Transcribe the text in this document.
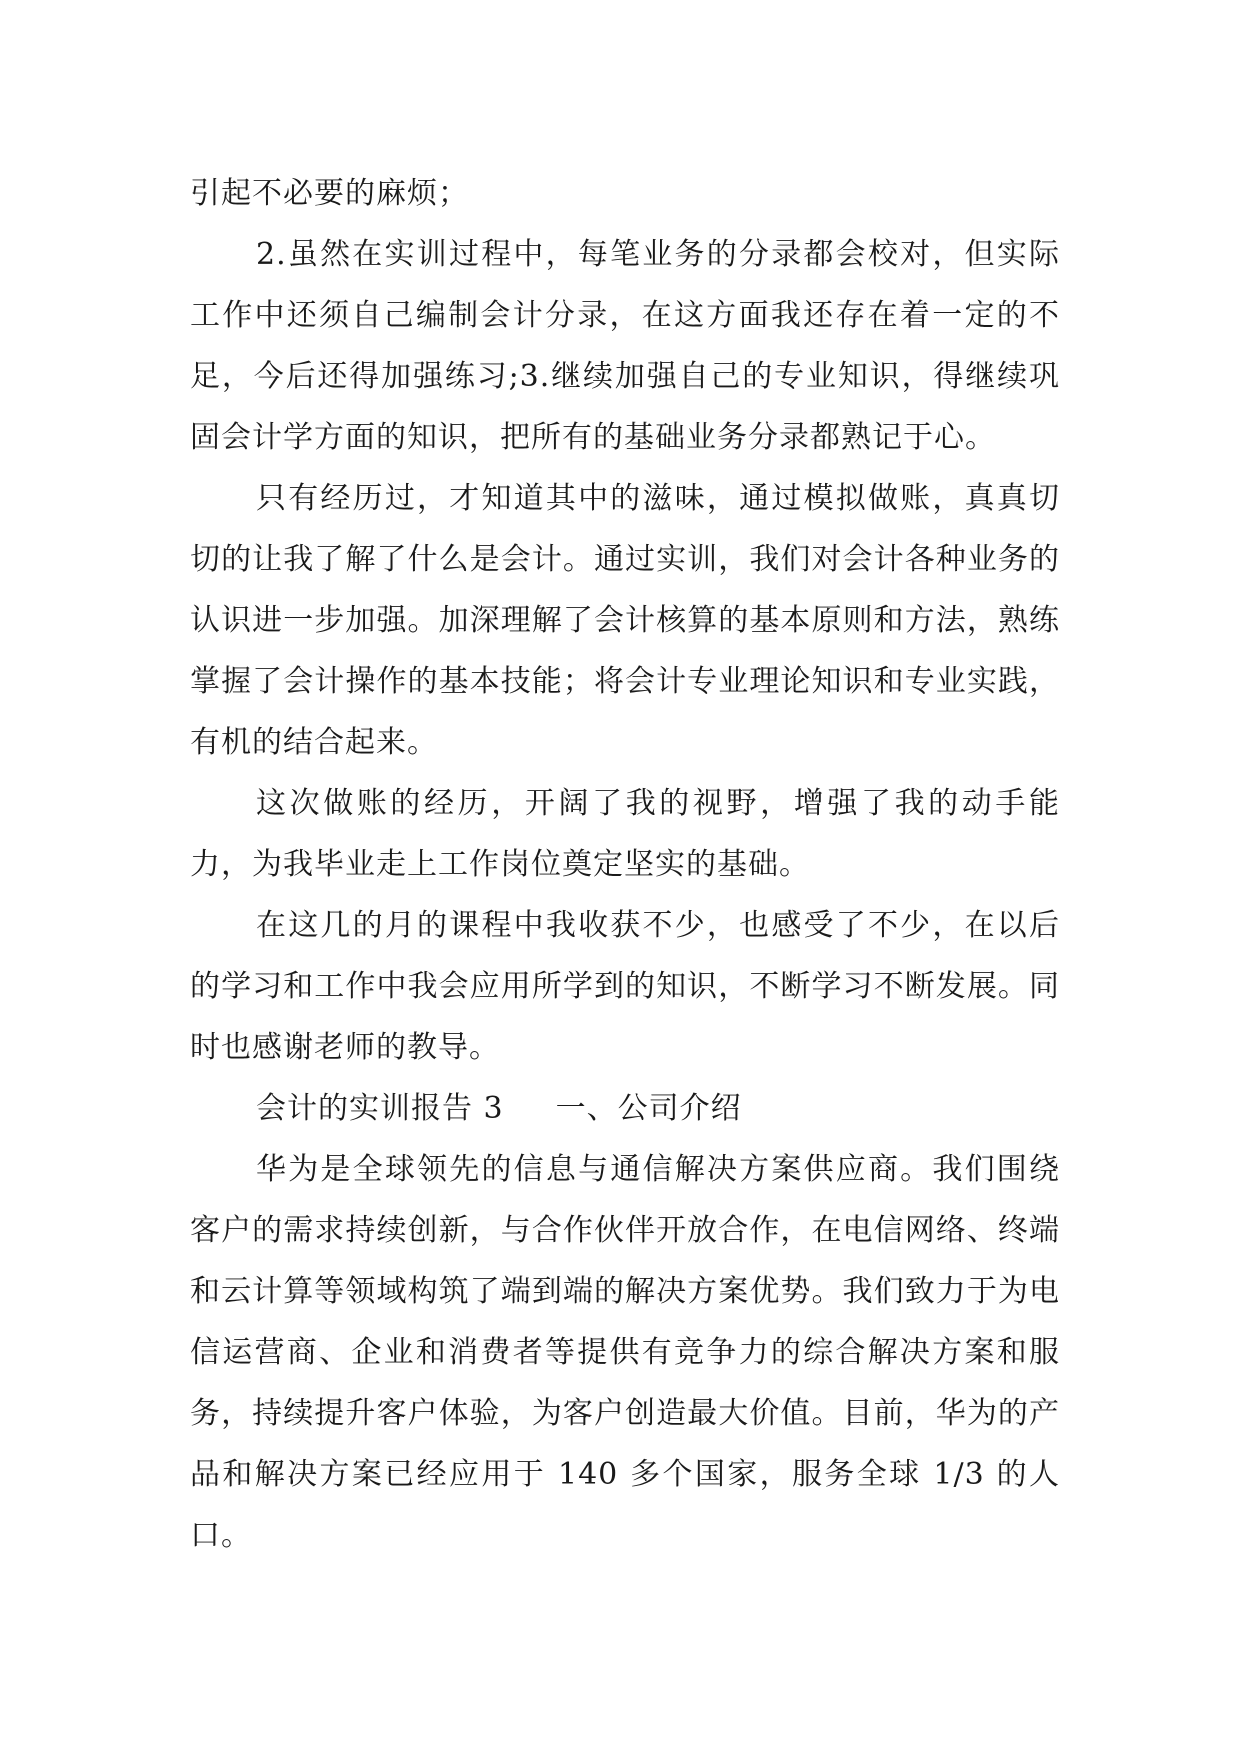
引起不必要的麻烦；

2.虽然在实训过程中，每笔业务的分录都会校对，但实际工作中还须自己编制会计分录，在这方面我还存在着一定的不足，今后还得加强练习;3.继续加强自己的专业知识，得继续巩固会计学方面的知识，把所有的基础业务分录都熟记于心。

只有经历过，才知道其中的滋味，通过模拟做账，真真切切的让我了解了什么是会计。通过实训，我们对会计各种业务的认识进一步加强。加深理解了会计核算的基本原则和方法，熟练掌握了会计操作的基本技能；将会计专业理论知识和专业实践，有机的结合起来。

这次做账的经历，开阔了我的视野，增强了我的动手能力，为我毕业走上工作岗位奠定坚实的基础。

在这几的月的课程中我收获不少，也感受了不少，在以后的学习和工作中我会应用所学到的知识，不断学习不断发展。同时也感谢老师的教导。

会计的实训报告 3 一、公司介绍

华为是全球领先的信息与通信解决方案供应商。我们围绕客户的需求持续创新，与合作伙伴开放合作，在电信网络、终端和云计算等领域构筑了端到端的解决方案优势。我们致力于为电信运营商、企业和消费者等提供有竞争力的综合解决方案和服务，持续提升客户体验，为客户创造最大价值。目前，华为的产品和解决方案已经应用于 140 多个国家，服务全球 1/3 的人口。
